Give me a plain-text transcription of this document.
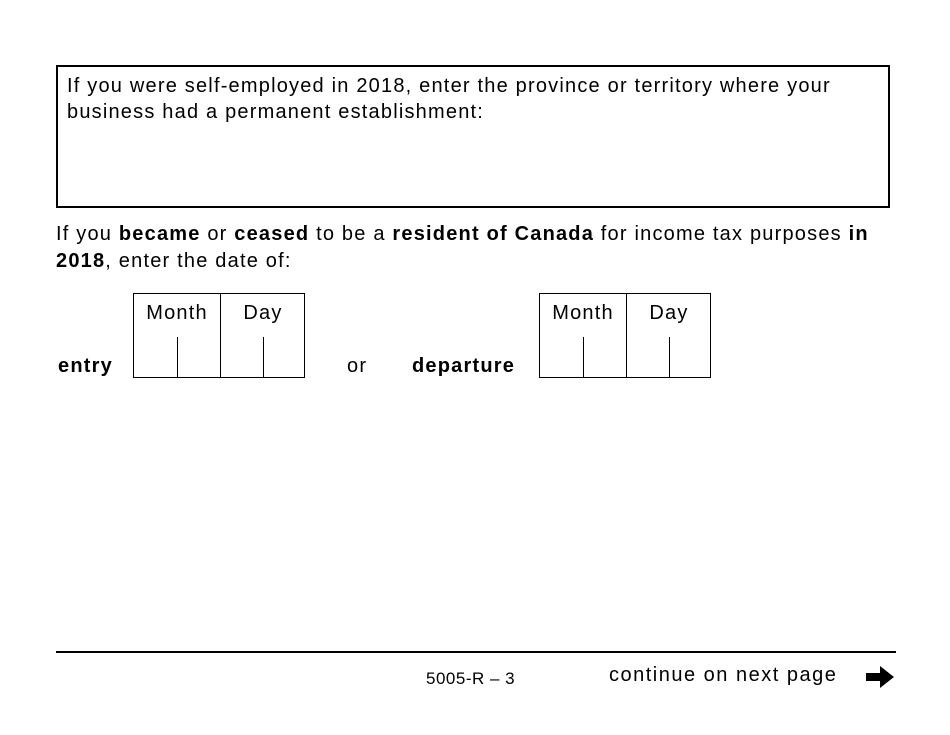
If you were self-employed in 2018, enter the province or territory where your business had a permanent establishment:
If you became or ceased to be a resident of Canada for income tax purposes in 2018, enter the date of:
entry
Month	Day
or departure
Month	Day
5005-R – 3	continue on next page
